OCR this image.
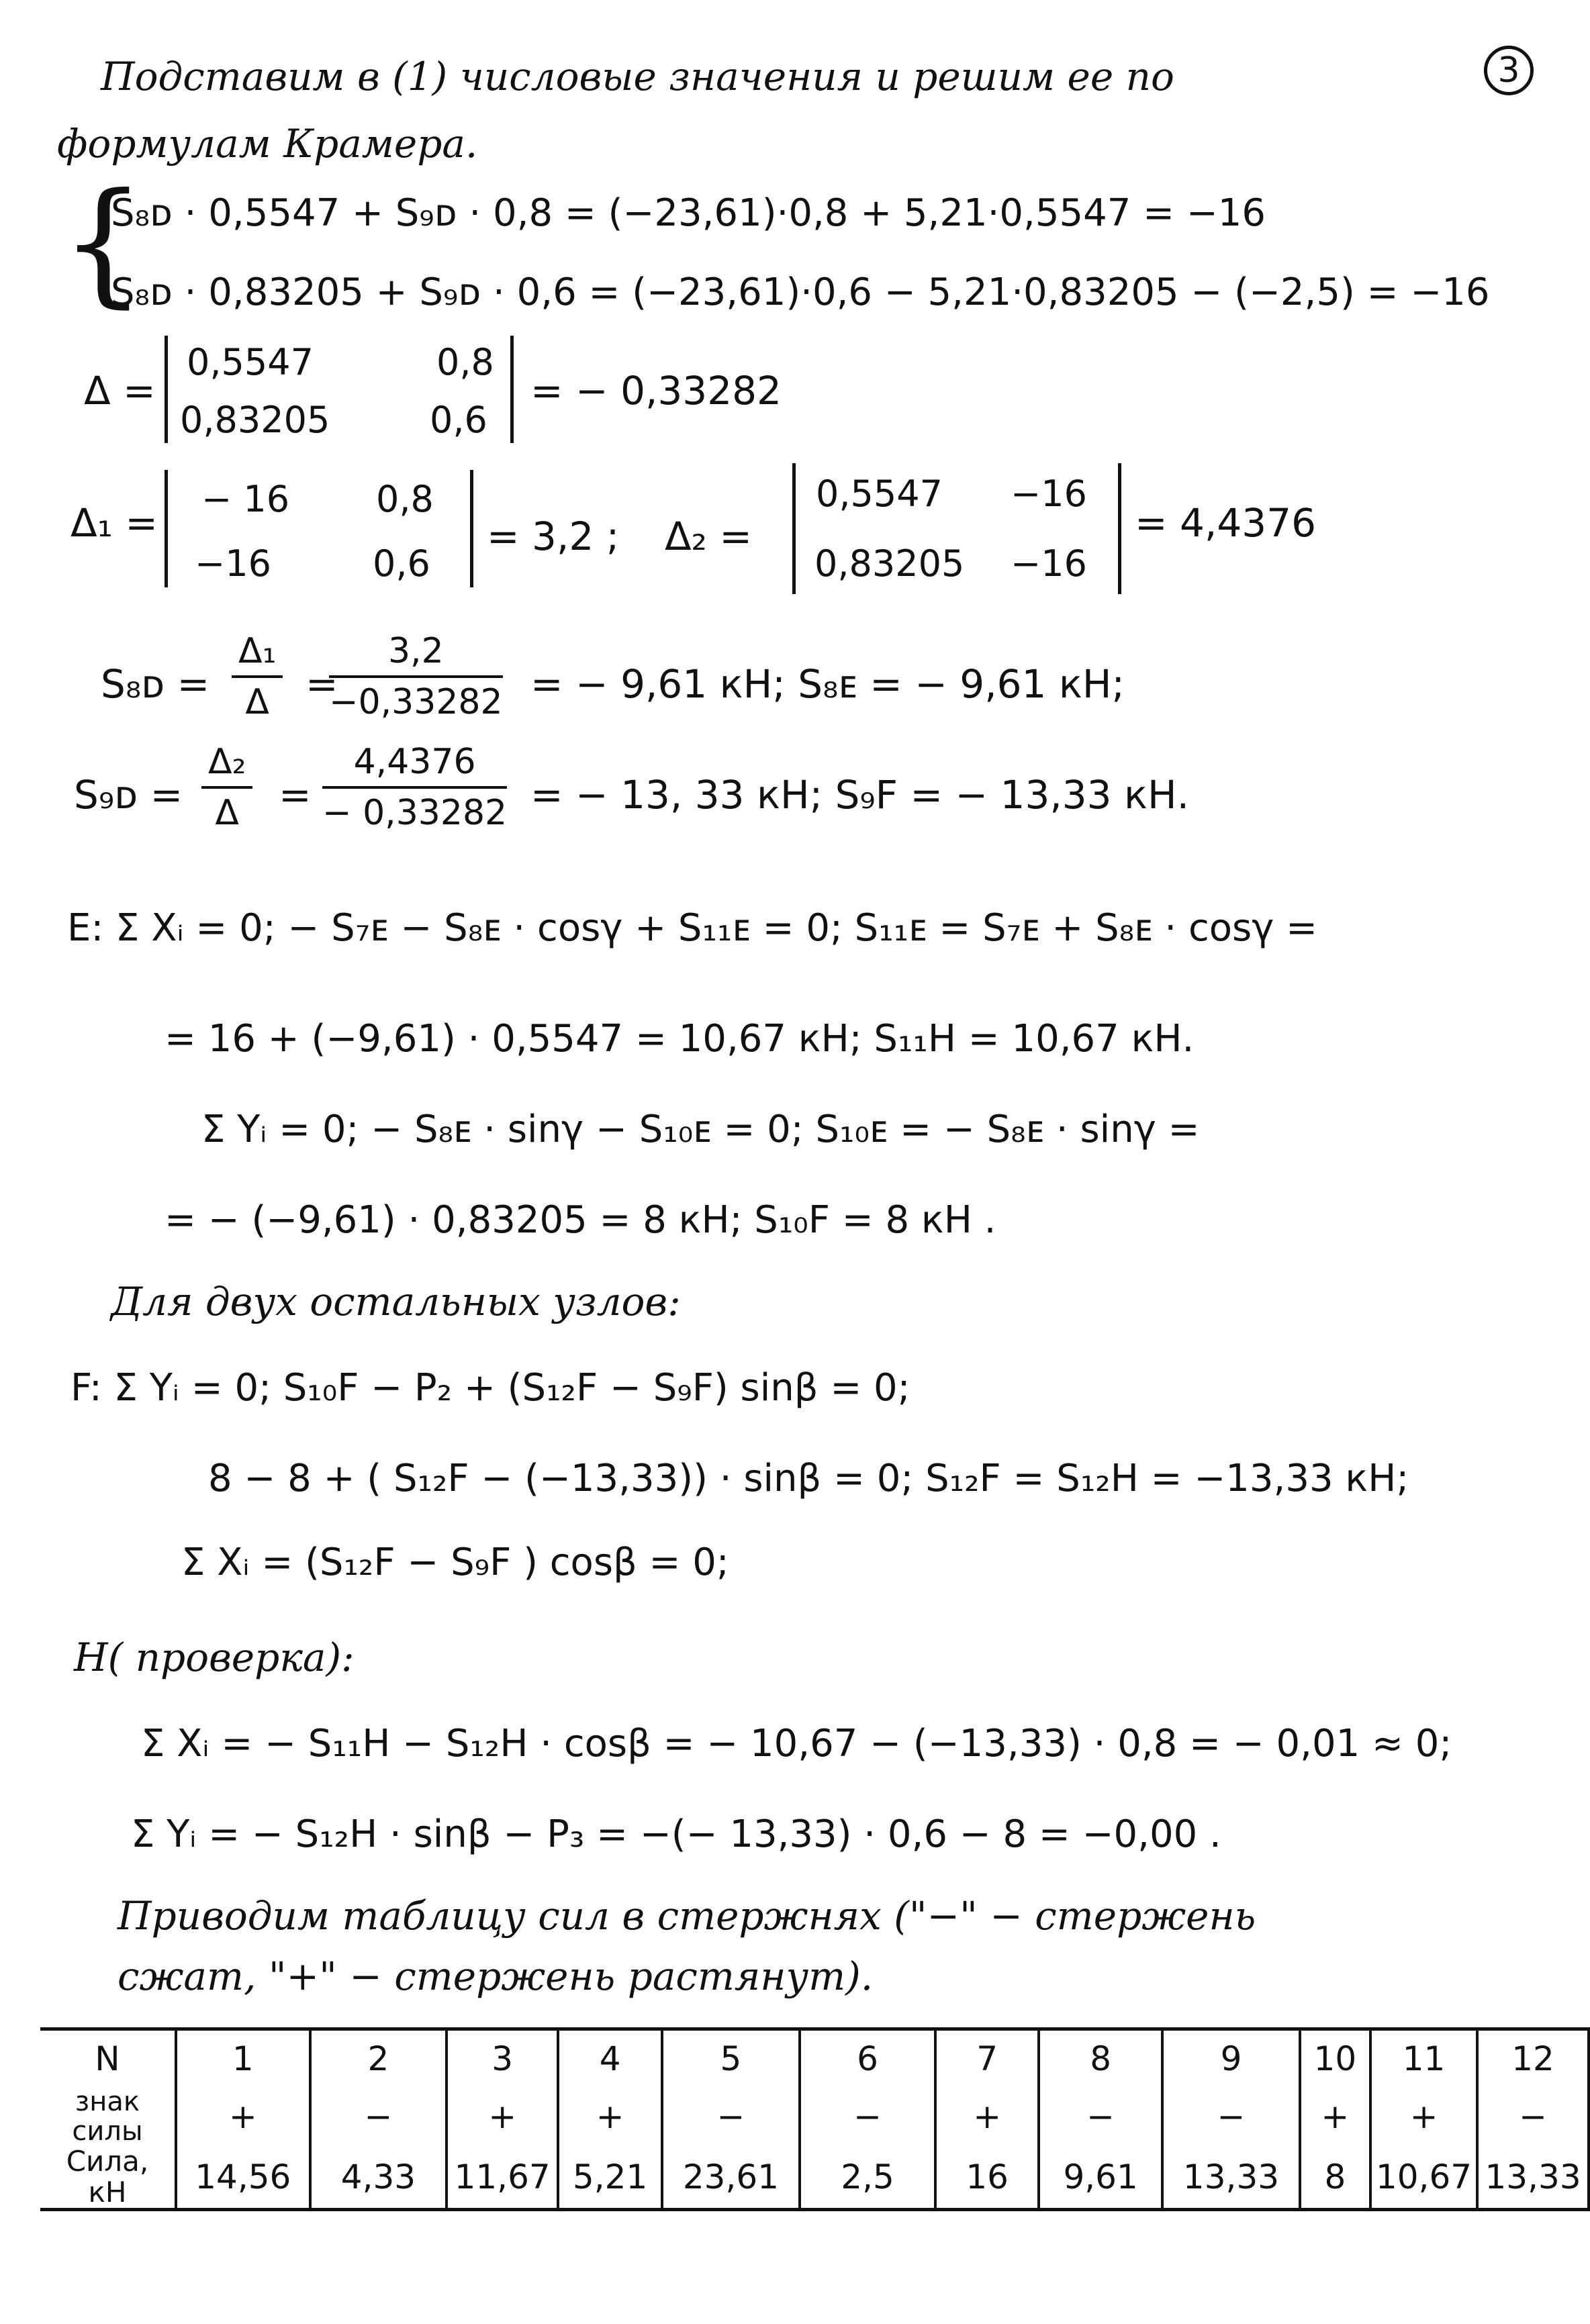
3
Подставим в (1) числовые значения и решим ее по
формулам Крамера.
{
S₈ᴅ · 0,5547 + S₉ᴅ · 0,8 = (−23,61)·0,8 + 5,21·0,5547 = −16
S₈ᴅ · 0,83205 + S₉ᴅ · 0,6 = (−23,61)·0,6 − 5,21·0,83205 − (−2,5) = −16
Δ =
0,5547	0,8
0,83205	0,6
= − 0,33282
Δ₁ =
− 16 0,8
−16	0,6
= 3,2 ; Δ₂ =
0,5547 −16
0,83205 −16
= 4,4376
S₈ᴅ = $\frac{\text{Δ₁}}{\Delta}$ =
$\frac{3,2}{-0,33282}$ = − 9,61 кН; S₈ᴇ = − 9,61 кН;
S₉ᴅ = $\frac{\text{Δ₂}}{\Delta} = \frac{4,4376}{- 0,33282}$ = − 13, 33 кН; S₉F = − 13,33 кН.
Е: Σ Xᵢ = 0; − S₇ᴇ − S₈ᴇ · cosγ + S₁₁ᴇ = 0; S₁₁ᴇ = S₇ᴇ + S₈ᴇ · cosγ =
= 16 + (−9,61) · 0,5547 = 10,67 кН; S₁₁H = 10,67 кН.
Σ Yᵢ = 0; − S₈ᴇ · sinγ − S₁₀ᴇ = 0; S₁₀ᴇ = − S₈ᴇ · sinγ =
= − (−9,61) · 0,83205 = 8 кН; S₁₀F = 8 кН .
Для двух остальных узлов:
F: Σ Yᵢ = 0; S₁₀F − P₂ + (S₁₂F − S₉F) sinβ = 0;
8 − 8 + ( S₁₂F − (−13,33)) · sinβ = 0; S₁₂F = S₁₂H = −13,33 кН;
Σ Xᵢ = (S₁₂F − S₉F ) cosβ = 0;
H( проверка):
Σ Xᵢ = − S₁₁H − S₁₂H · cosβ = − 10,67 − (−13,33) · 0,8 = − 0,01 ≈ 0;
Σ Yᵢ = − S₁₂H · sinβ − P₃ = −(− 13,33) · 0,6 − 8 = −0,00 .
Приводим таблицу сил в стержнях ("−" − стержень
сжат, "+" − стержень растянут).
N	1	2	3	4	5	6	7	8	9	10	11	12
знак силы	+	−	+	+	−	−	+	−	−	+	+	−
Сила, кН	14,56	4,33	11,67	5,21	23,61	2,5	16	9,61	13,33	8	10,67	13,33
